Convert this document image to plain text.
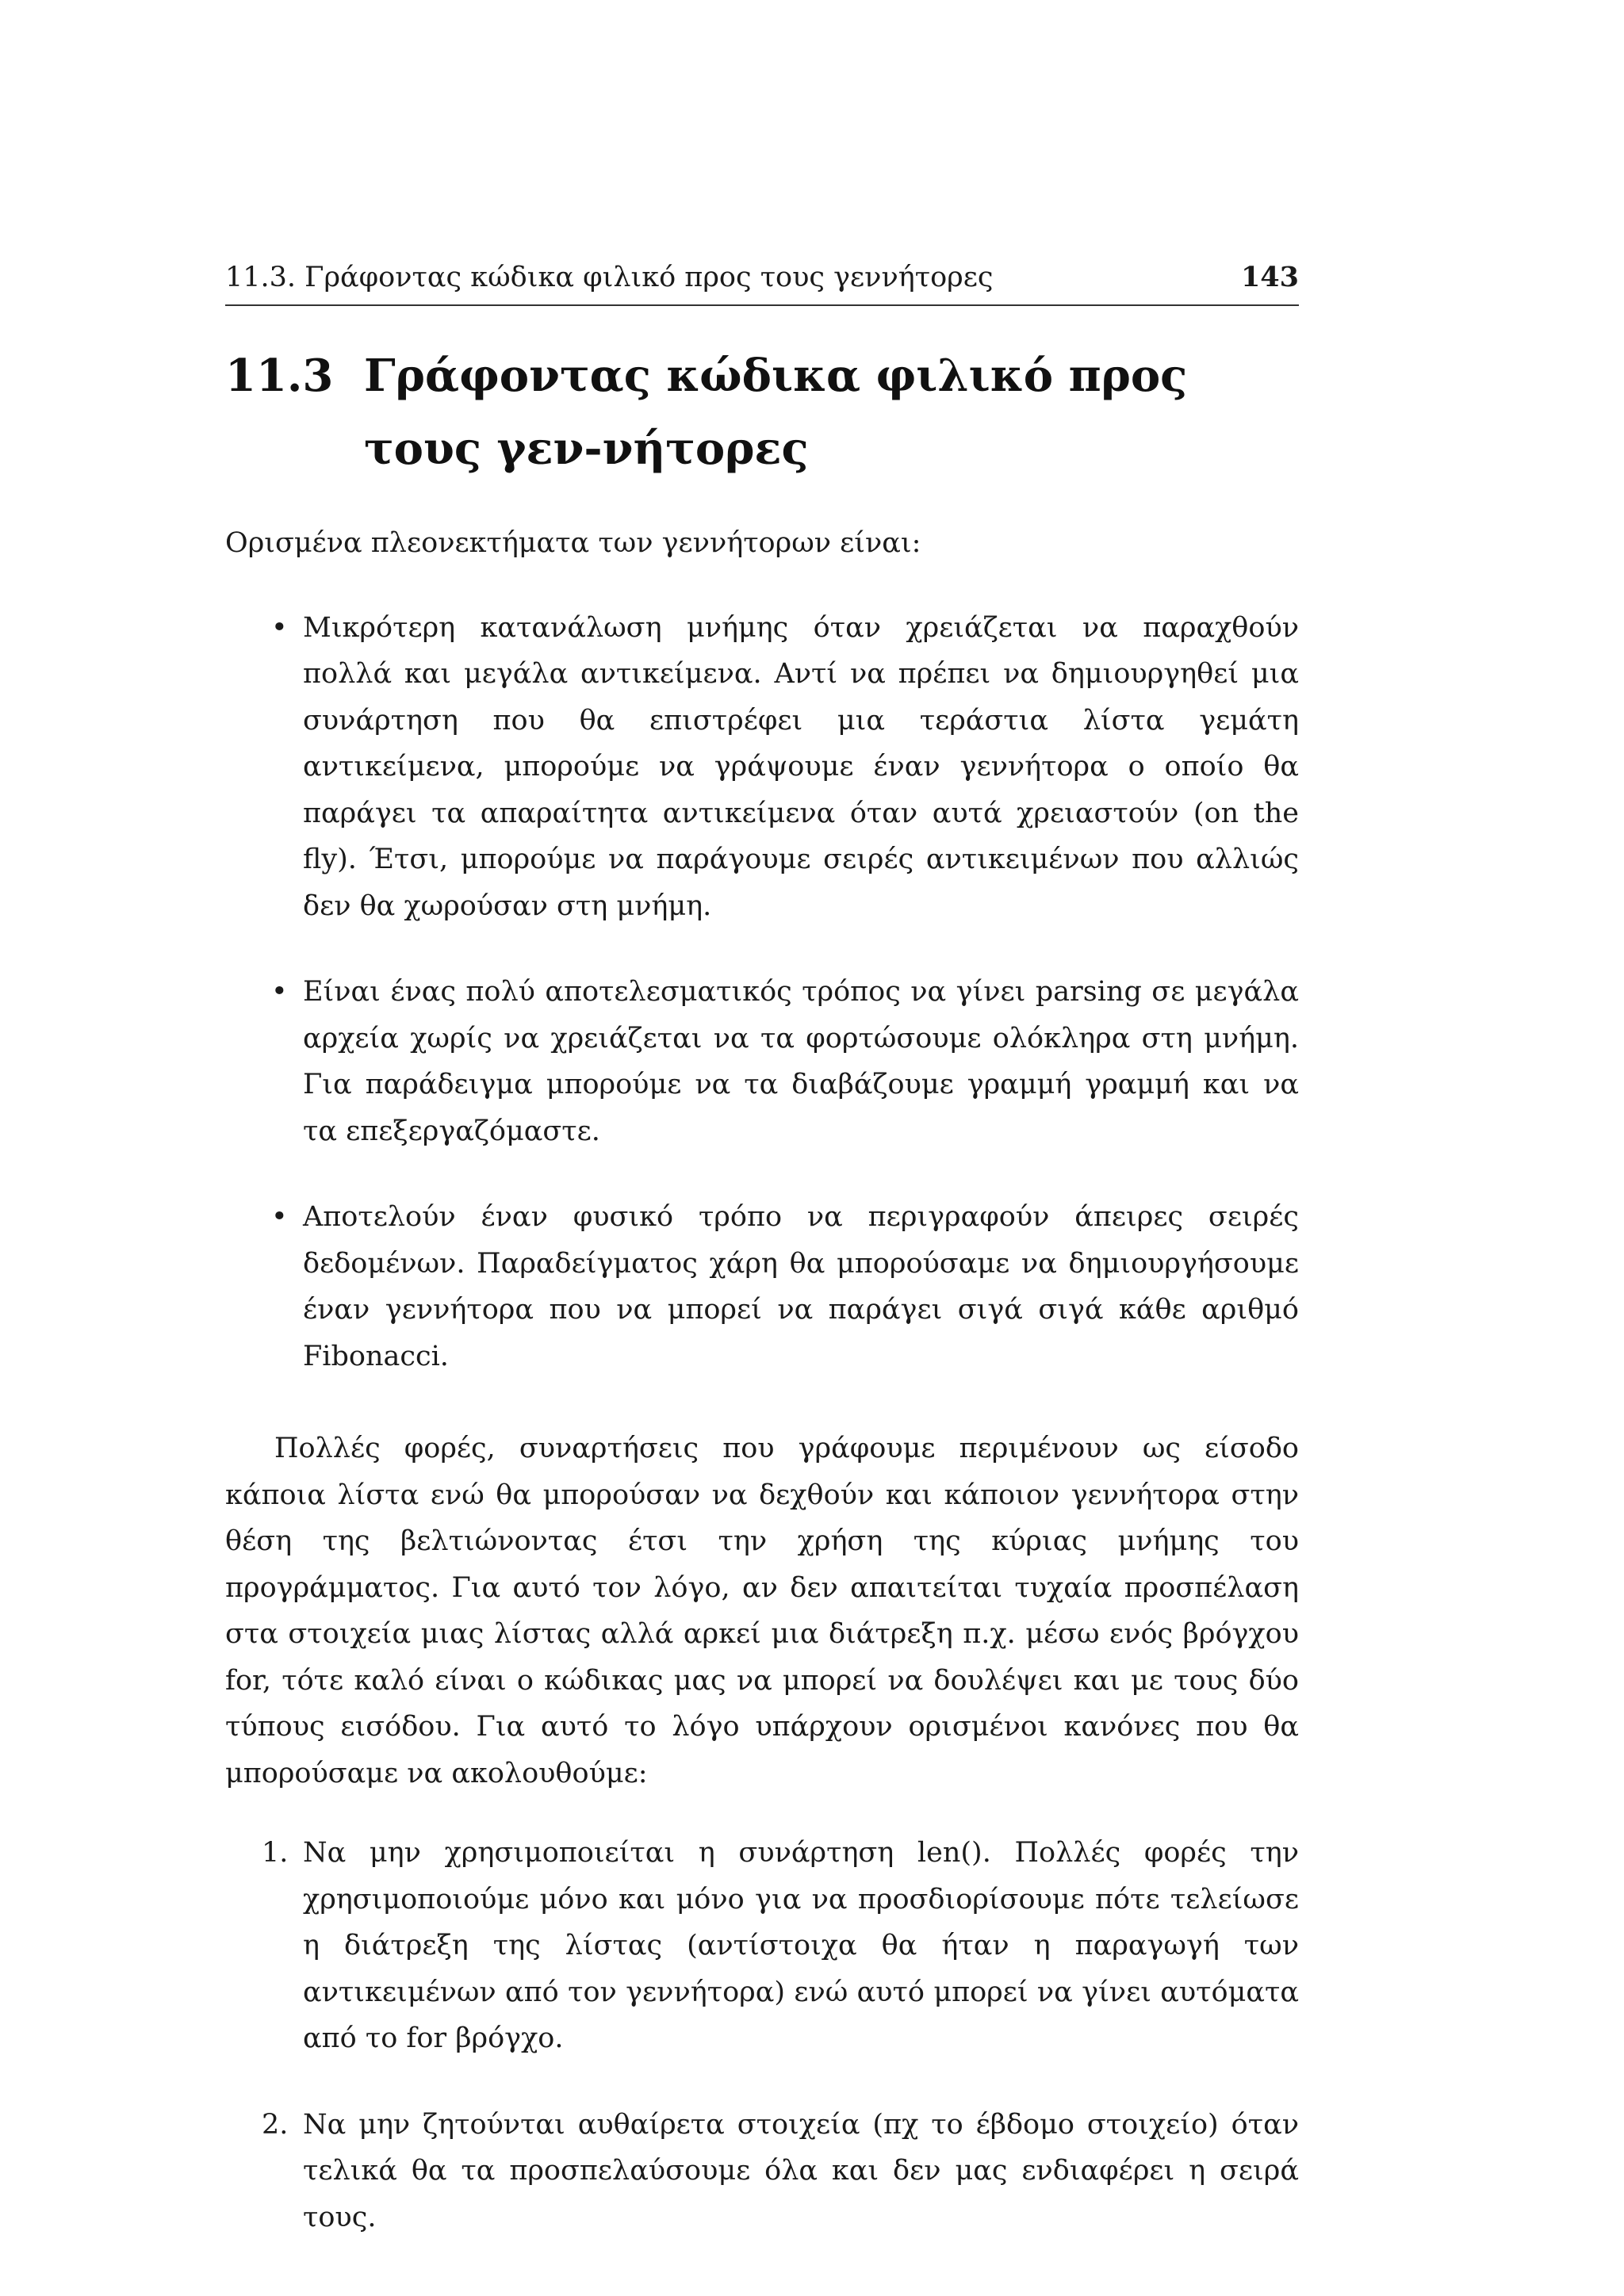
11.3. Γράφοντας κώδικα φιλικό προς τους γεννήτορες	143
11.3 Γράφοντας κώδικα φιλικό προς τους γεν-νήτορες
Ορισμένα πλεονεκτήματα των γεννήτορων είναι:
• Μικρότερη κατανάλωση μνήμης όταν χρειάζεται να παραχθούν πολλά και μεγάλα αντικείμενα. Αντί να πρέπει να δημιουργηθεί μια συνάρτηση που θα επιστρέφει μια τεράστια λίστα γεμάτη αντικείμενα, μπορούμε να γράψουμε έναν γεννήτορα ο οποίο θα παράγει τα απαραίτητα αντικείμενα όταν αυτά χρειαστούν (on the fly). Έτσι, μπορούμε να παράγουμε σειρές αντικειμένων που αλλιώς δεν θα χωρούσαν στη μνήμη.
• Είναι ένας πολύ αποτελεσματικός τρόπος να γίνει parsing σε μεγάλα αρχεία χωρίς να χρειάζεται να τα φορτώσουμε ολόκληρα στη μνήμη. Για παράδειγμα μπορούμε να τα διαβάζουμε γραμμή γραμμή και να τα επεξεργαζόμαστε.
• Αποτελούν έναν φυσικό τρόπο να περιγραφούν άπειρες σειρές δεδομένων. Παραδείγματος χάρη θα μπορούσαμε να δημιουργήσουμε έναν γεννήτορα που να μπορεί να παράγει σιγά σιγά κάθε αριθμό Fibonacci.
Πολλές φορές, συναρτήσεις που γράφουμε περιμένουν ως είσοδο κάποια λίστα ενώ θα μπορούσαν να δεχθούν και κάποιον γεννήτορα στην θέση της βελτιώνοντας έτσι την χρήση της κύριας μνήμης του προγράμματος. Για αυτό τον λόγο, αν δεν απαιτείται τυχαία προσπέλαση στα στοιχεία μιας λίστας αλλά αρκεί μια διάτρεξη π.χ. μέσω ενός βρόγχου for, τότε καλό είναι ο κώδικας μας να μπορεί να δουλέψει και με τους δύο τύπους εισόδου. Για αυτό το λόγο υπάρχουν ορισμένοι κανόνες που θα μπορούσαμε να ακολουθούμε:
1. Να μην χρησιμοποιείται η συνάρτηση len(). Πολλές φορές την χρησιμοποιούμε μόνο και μόνο για να προσδιορίσουμε πότε τελείωσε η διάτρεξη της λίστας (αντίστοιχα θα ήταν η παραγωγή των αντικειμένων από τον γεννήτορα) ενώ αυτό μπορεί να γίνει αυτόματα από το for βρόγχο.
2. Να μην ζητούνται αυθαίρετα στοιχεία (πχ το έβδομο στοιχείο) όταν τελικά θα τα προσπελαύσουμε όλα και δεν μας ενδιαφέρει η σειρά τους.
